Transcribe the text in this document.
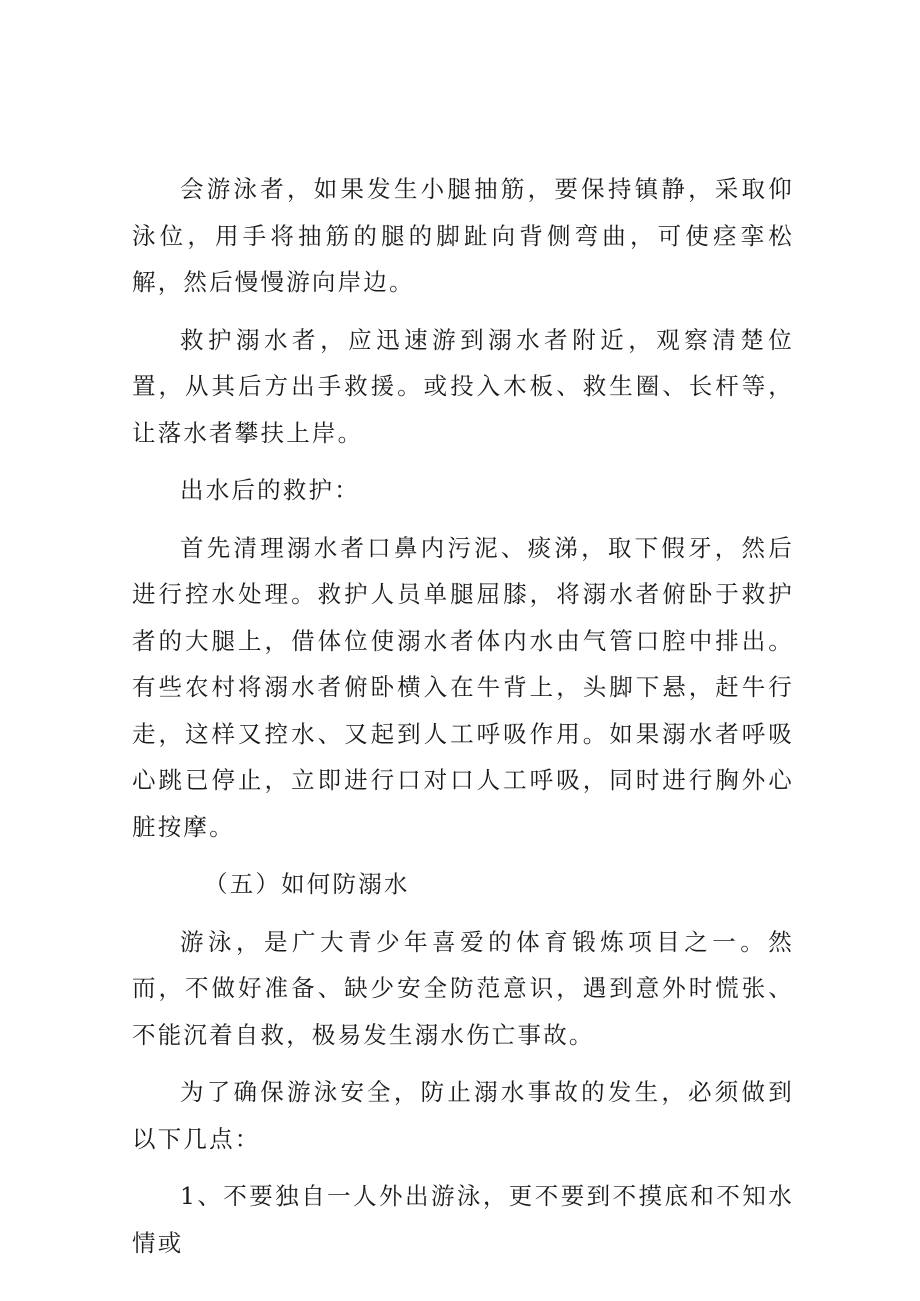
会游泳者，如果发生小腿抽筋，要保持镇静，采取仰泳位，用手将抽筋的腿的脚趾向背侧弯曲，可使痉挛松解，然后慢慢游向岸边。

救护溺水者，应迅速游到溺水者附近，观察清楚位置，从其后方出手救援。或投入木板、救生圈、长杆等，让落水者攀扶上岸。

出水后的救护：

首先清理溺水者口鼻内污泥、痰涕，取下假牙，然后进行控水处理。救护人员单腿屈膝，将溺水者俯卧于救护者的大腿上，借体位使溺水者体内水由气管口腔中排出。有些农村将溺水者俯卧横入在牛背上，头脚下悬，赶牛行走，这样又控水、又起到人工呼吸作用。如果溺水者呼吸心跳已停止，立即进行口对口人工呼吸，同时进行胸外心脏按摩。

（五）如何防溺水

游泳，是广大青少年喜爱的体育锻炼项目之一。然而，不做好准备、缺少安全防范意识，遇到意外时慌张、不能沉着自救，极易发生溺水伤亡事故。

为了确保游泳安全，防止溺水事故的发生，必须做到以下几点：

1、不要独自一人外出游泳，更不要到不摸底和不知水情或
